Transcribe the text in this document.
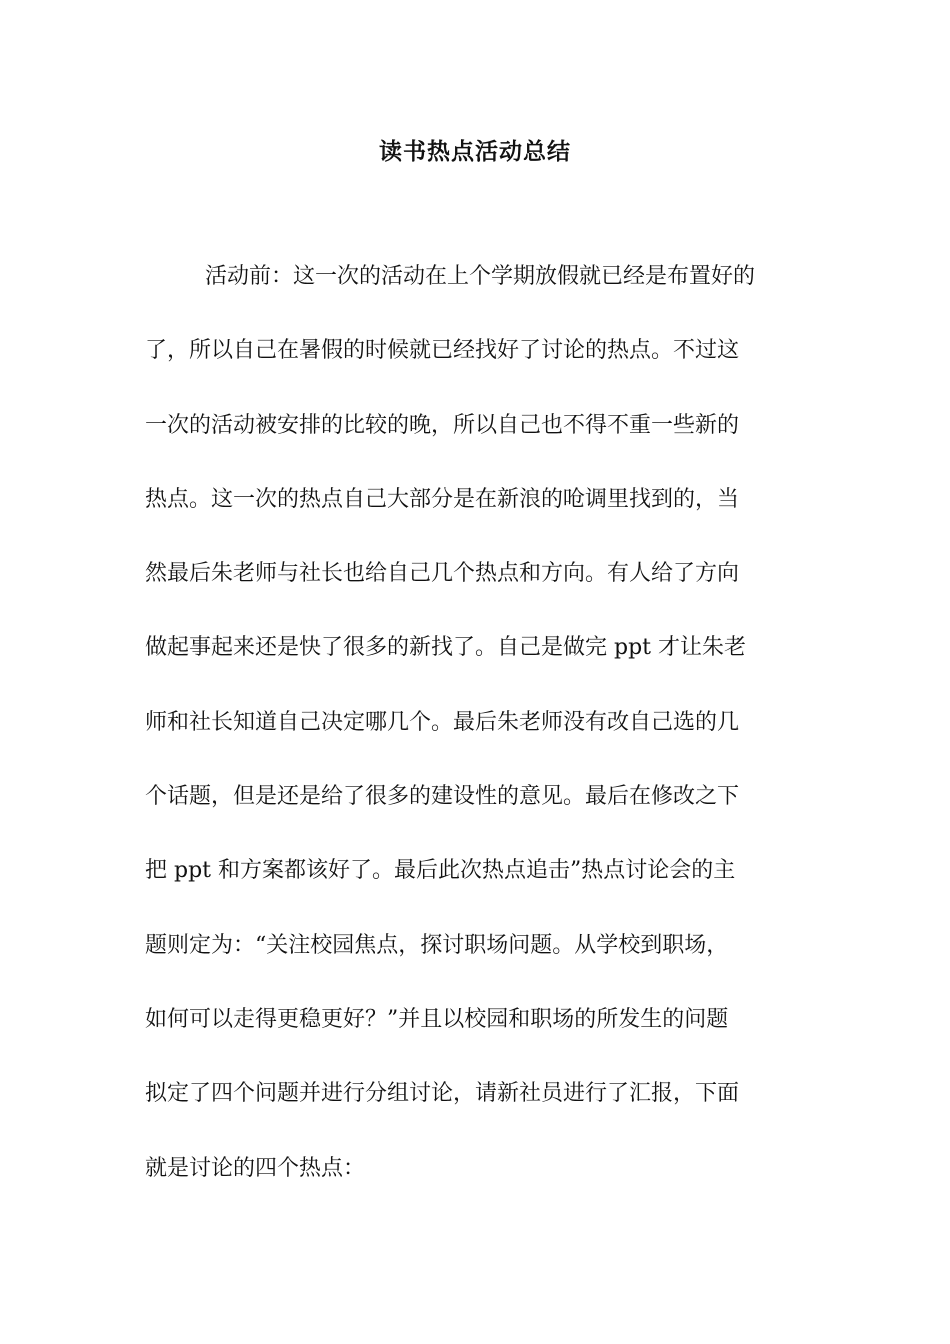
读书热点活动总结
活动前：这一次的活动在上个学期放假就已经是布置好的
了，所以自己在暑假的时候就已经找好了讨论的热点。不过这
一次的活动被安排的比较的晚，所以自己也不得不重一些新的
热点。这一次的热点自己大部分是在新浪的呛调里找到的，当
然最后朱老师与社长也给自己几个热点和方向。有人给了方向
做起事起来还是快了很多的新找了。自己是做完 ppt 才让朱老
师和社长知道自己决定哪几个。最后朱老师没有改自己选的几
个话题，但是还是给了很多的建设性的意见。最后在修改之下
把 ppt 和方案都该好了。最后此次热点追击”热点讨论会的主
题则定为：“关注校园焦点，探讨职场问题。从学校到职场，
如何可以走得更稳更好？”并且以校园和职场的所发生的问题
拟定了四个问题并进行分组讨论，请新社员进行了汇报，下面
就是讨论的四个热点：
